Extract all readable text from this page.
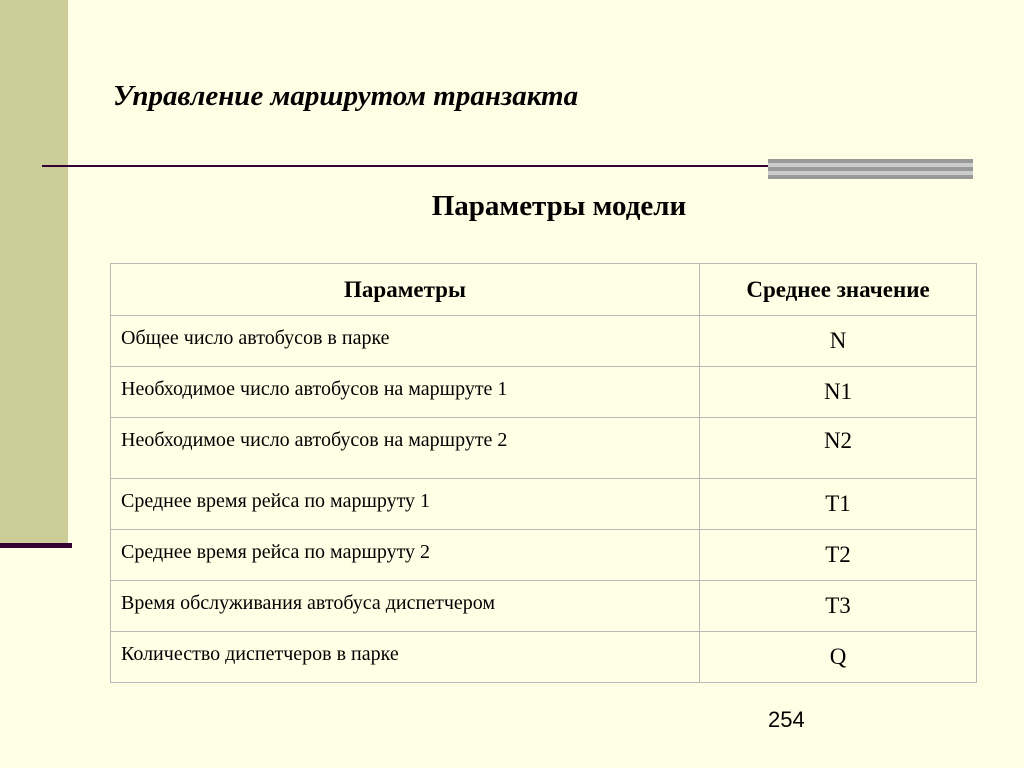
Управление маршрутом транзакта
Параметры модели
Параметры	Среднее значение
Общее число автобусов в парке	N
Необходимое число автобусов на маршруте 1	N1
Необходимое число автобусов на маршруте 2	N2
Среднее время рейса по маршруту 1	T1
Среднее время рейса по маршруту 2	T2
Время обслуживания автобуса диспетчером	T3
Количество диспетчеров в парке	Q
254
